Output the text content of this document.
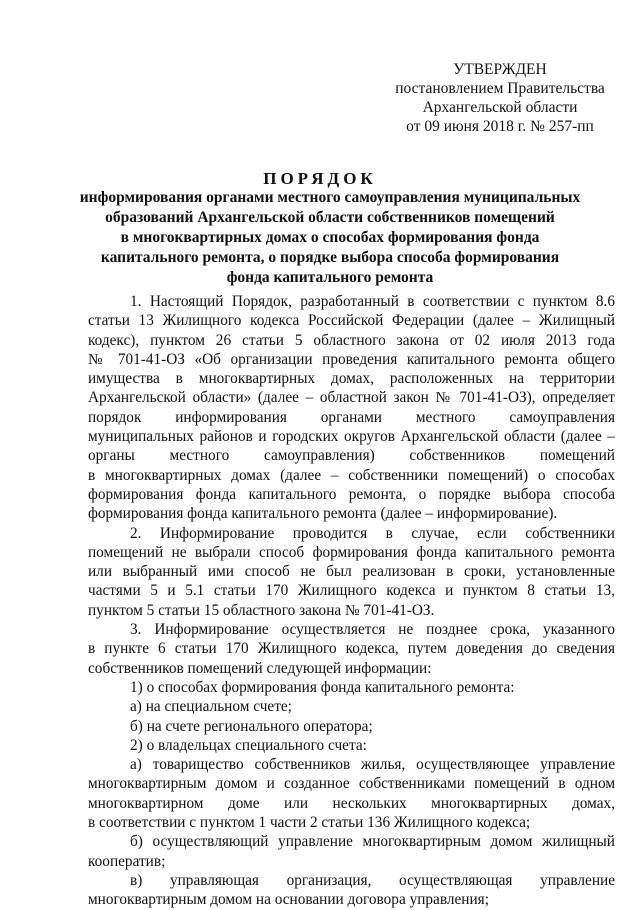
УТВЕРЖДЕН
постановлением Правительства
Архангельской области
от 09 июня 2018 г. № 257-пп
ПОРЯДОК
информирования органами местного самоуправления муниципальных
образований Архангельской области собственников помещений
в многоквартирных домах о способах формирования фонда
капитального ремонта, о порядке выбора способа формирования
фонда капитального ремонта
1. Настоящий Порядок, разработанный в соответствии с пунктом 8.6
статьи 13 Жилищного кодекса Российской Федерации (далее – Жилищный
кодекс), пунктом 26 статьи 5 областного закона от 02 июля 2013 года
№ 701-41-ОЗ «Об организации проведения капитального ремонта общего
имущества в многоквартирных домах, расположенных на территории
Архангельской области» (далее – областной закон № 701-41-ОЗ), определяет
порядок информирования органами местного самоуправления
муниципальных районов и городских округов Архангельской области (далее –
органы местного самоуправления) собственников помещений
в многоквартирных домах (далее – собственники помещений) о способах
формирования фонда капитального ремонта, о порядке выбора способа
формирования фонда капитального ремонта (далее – информирование).
2. Информирование проводится в случае, если собственники
помещений не выбрали способ формирования фонда капитального ремонта
или выбранный ими способ не был реализован в сроки, установленные
частями 5 и 5.1 статьи 170 Жилищного кодекса и пунктом 8 статьи 13,
пунктом 5 статьи 15 областного закона № 701-41-ОЗ.
3. Информирование осуществляется не позднее срока, указанного
в пункте 6 статьи 170 Жилищного кодекса, путем доведения до сведения
собственников помещений следующей информации:
1) о способах формирования фонда капитального ремонта:
а) на специальном счете;
б) на счете регионального оператора;
2) о владельцах специального счета:
а) товарищество собственников жилья, осуществляющее управление
многоквартирным домом и созданное собственниками помещений в одном
многоквартирном доме или нескольких многоквартирных домах,
в соответствии с пунктом 1 части 2 статьи 136 Жилищного кодекса;
б) осуществляющий управление многоквартирным домом жилищный
кооператив;
в) управляющая организация, осуществляющая управление
многоквартирным домом на основании договора управления;
